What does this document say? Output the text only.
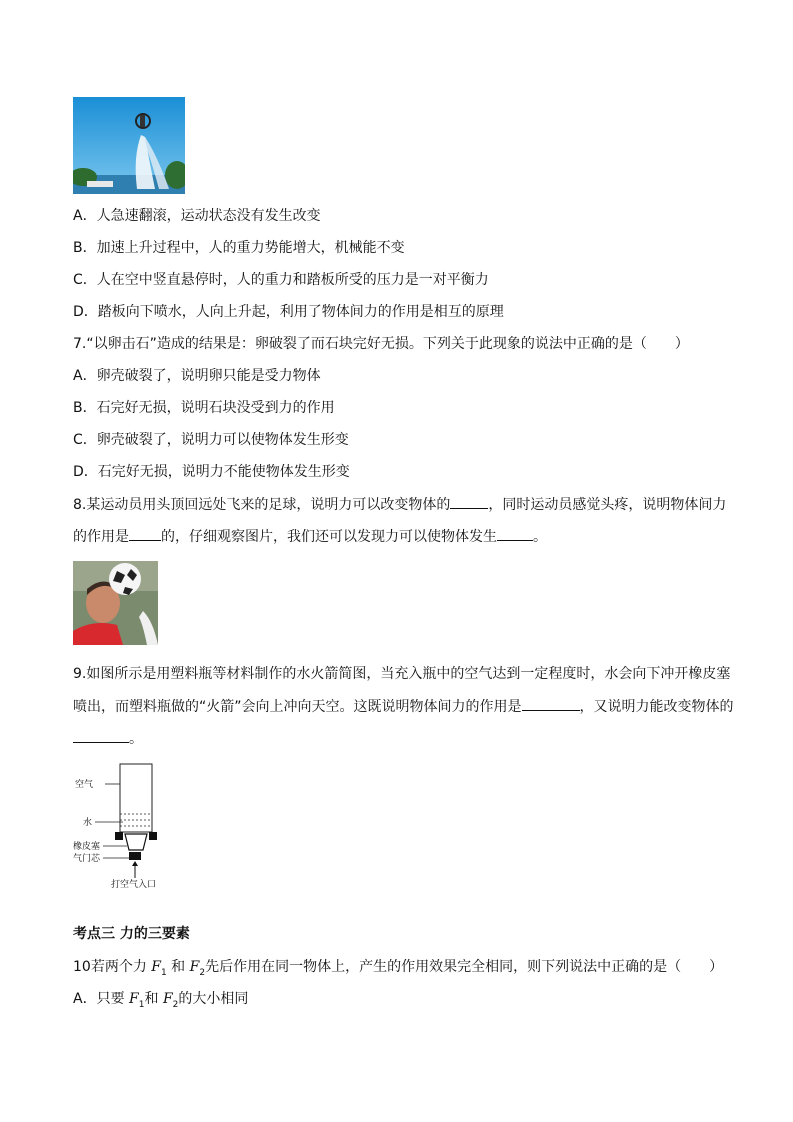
A．人急速翻滚，运动状态没有发生改变
B．加速上升过程中，人的重力势能增大，机械能不变
C．人在空中竖直悬停时，人的重力和踏板所受的压力是一对平衡力
D．踏板向下喷水，人向上升起，利用了物体间力的作用是相互的原理
7.“以卵击石”造成的结果是：卵破裂了而石块完好无损。下列关于此现象的说法中正确的是（　　）
A．卵壳破裂了，说明卵只能是受力物体
B．石完好无损，说明石块没受到力的作用
C．卵壳破裂了，说明力可以使物体发生形变
D．石完好无损，说明力不能使物体发生形变
8.某运动员用头顶回远处飞来的足球，说明力可以改变物体的	，同时运动员感觉头疼，说明物体间力
的作用是 的，仔细观察图片，我们还可以发现力可以使物体发生	。
9.如图所示是用塑料瓶等材料制作的水火箭简图，当充入瓶中的空气达到一定程度时，水会向下冲开橡皮塞
喷出，而塑料瓶做的“火箭”会向上冲向天空。这既说明物体间力的作用是	，又说明力能改变物体的
。
空气
水
橡皮塞
气门芯
打空气入口
考点三 力的三要素
10若两个力 $F_1$ 和 $F_2$先后作用在同一物体上，产生的作用效果完全相同，则下列说法中正确的是（　　）
A．只要 $F_1$和 $F_2$的大小相同
